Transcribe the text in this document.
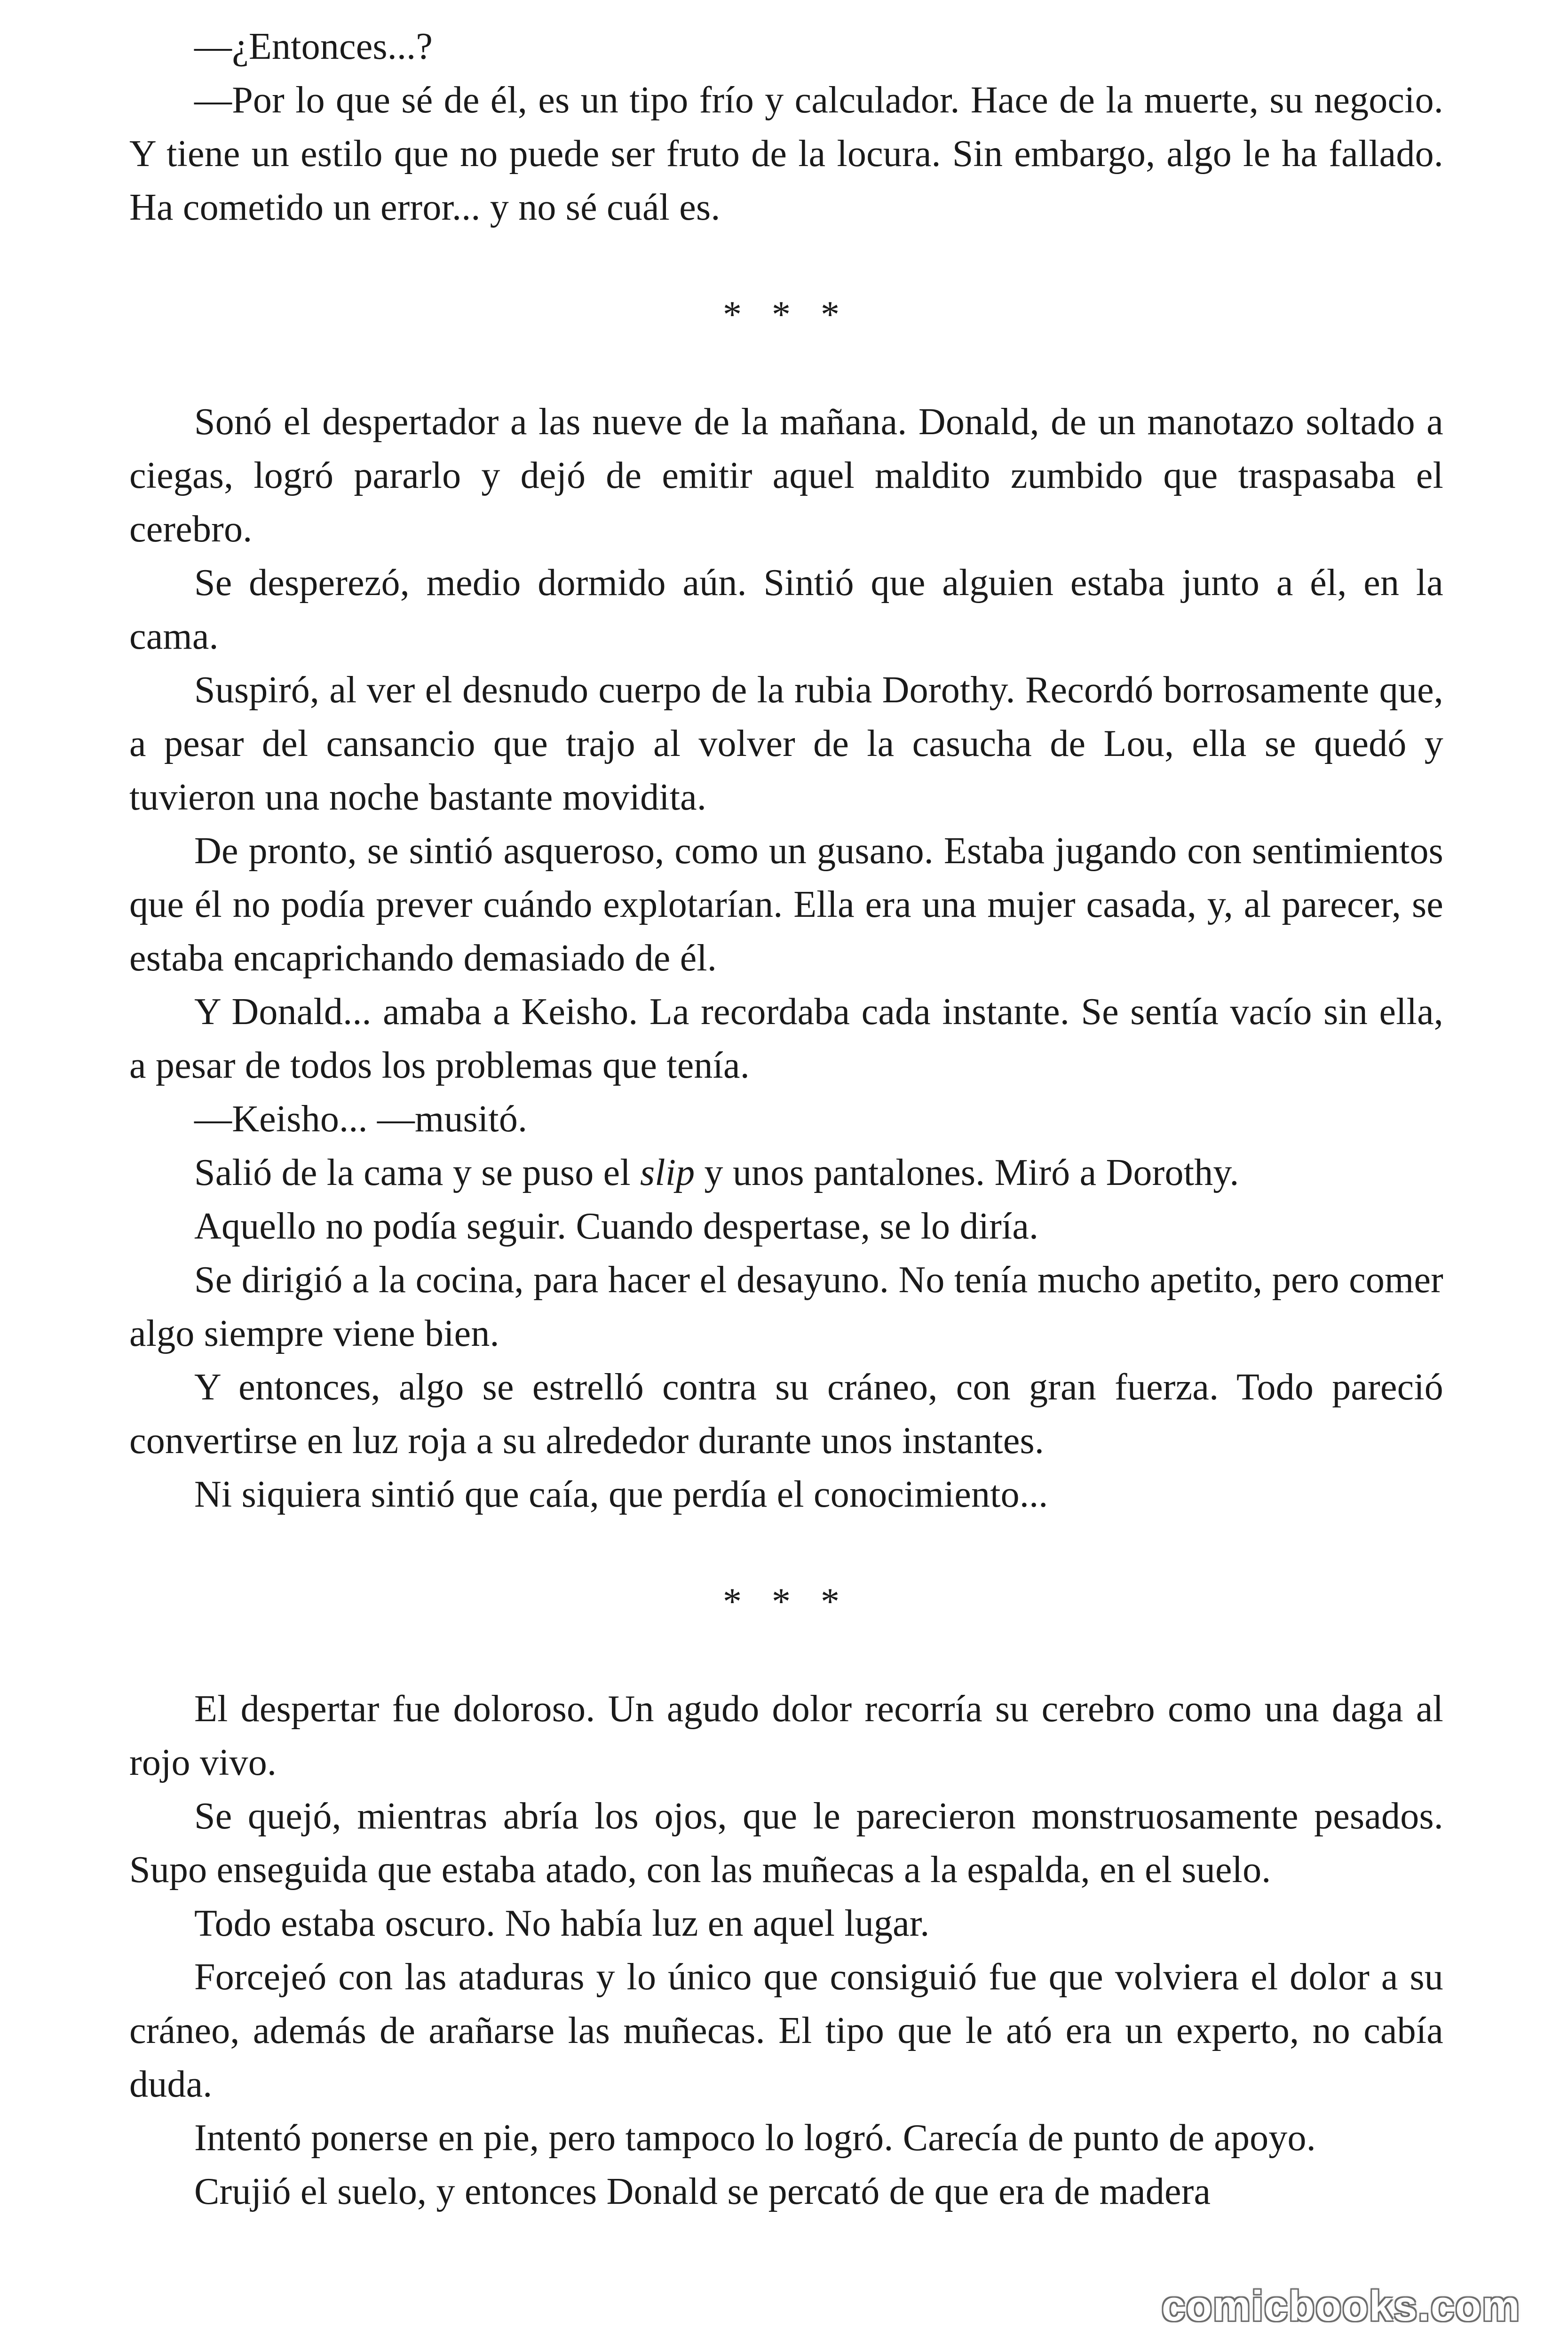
—¿Entonces...?

—Por lo que sé de él, es un tipo frío y calculador. Hace de la muerte, su negocio. Y tiene un estilo que no puede ser fruto de la locura. Sin embargo, algo le ha fallado. Ha cometido un error... y no sé cuál es.

* * *

Sonó el despertador a las nueve de la mañana. Donald, de un manotazo soltado a ciegas, logró pararlo y dejó de emitir aquel maldito zumbido que traspasaba el cerebro.

Se desperezó, medio dormido aún. Sintió que alguien estaba junto a él, en la cama.

Suspiró, al ver el desnudo cuerpo de la rubia Dorothy. Recordó borrosamente que, a pesar del cansancio que trajo al volver de la casucha de Lou, ella se quedó y tuvieron una noche bastante movidita.

De pronto, se sintió asqueroso, como un gusano. Estaba jugando con sentimientos que él no podía prever cuándo explotarían. Ella era una mujer casada, y, al parecer, se estaba encaprichando demasiado de él.

Y Donald... amaba a Keisho. La recordaba cada instante. Se sentía vacío sin ella, a pesar de todos los problemas que tenía.

—Keisho... —musitó.

Salió de la cama y se puso el slip y unos pantalones. Miró a Dorothy.

Aquello no podía seguir. Cuando despertase, se lo diría.

Se dirigió a la cocina, para hacer el desayuno. No tenía mucho apetito, pero comer algo siempre viene bien.

Y entonces, algo se estrelló contra su cráneo, con gran fuerza. Todo pareció convertirse en luz roja a su alrededor durante unos instantes.

Ni siquiera sintió que caía, que perdía el conocimiento...

* * *

El despertar fue doloroso. Un agudo dolor recorría su cerebro como una daga al rojo vivo.

Se quejó, mientras abría los ojos, que le parecieron monstruosamente pesados. Supo enseguida que estaba atado, con las muñecas a la espalda, en el suelo.

Todo estaba oscuro. No había luz en aquel lugar.

Forcejeó con las ataduras y lo único que consiguió fue que volviera el dolor a su cráneo, además de arañarse las muñecas. El tipo que le ató era un experto, no cabía duda.

Intentó ponerse en pie, pero tampoco lo logró. Carecía de punto de apoyo.

Crujió el suelo, y entonces Donald se percató de que era de madera

comicbooks.com
